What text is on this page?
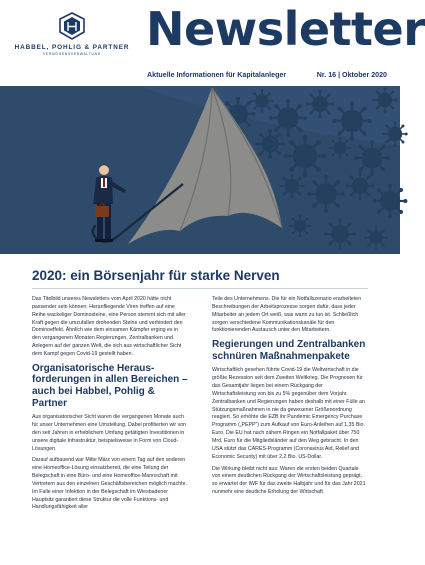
HABBEL, POHLIG & PARTNER
VERMÖGENSVERWALTUNG Newsletter
Aktuelle Informationen für Kapitalanleger	Nr. 16 | Oktober 2020
2020: ein Börsenjahr für starke Nerven

Das Titelbild unseres Newsletters vom April 2020 hätte nicht passender sein können: Heranfliegende Viren treffen auf eine Reihe wackeliger Dominosteine, eine Person stemmt sich mit aller Kraft gegen die umzufallen drohenden Steine und verhindert den Dominoeffekt. Ähnlich wie dem einsamen Kämpfer erging es in den vergangenen Monaten Regierungen, Zentralbanken und Anlegern auf der ganzen Welt, die sich aus wirtschaftlicher Sicht dem Kampf gegen Covid-19 gestellt haben.

Organisatorische Herausforderungen in allen Bereichen – auch bei Habbel, Pohlig & Partner

Aus organisatorischer Sicht waren die vergangenen Monate auch für unser Unternehmen eine Umstellung. Dabei profitierten wir von den seit Jahren in erheblichem Umfang getätigten Investitionen in unsere digitale Infrastruktur, beispielsweise in Form von Cloud-Lösungen.

Darauf aufbauend war Mitte März von einem Tag auf den anderen eine Homeoffice-Lösung einsatzbereit, die eine Teilung der Belegschaft in eine Büro- und eine Homeoffice-Mannschaft mit Vertretern aus den einzelnen Geschäftsbereichen möglich machte. Im Falle einer Infektion in der Belegschaft im Wiesbadener Hauptsitz garantiert diese Struktur die volle Funktions- und Handlungsfähigkeit aller

Teile des Unternehmens. Die für ein Notfallszenario erarbeiteten Beschreibungen der Arbeitsprozesse sorgen dafür, dass jeder Mitarbeiter an jedem Ort weiß, was wann zu tun ist. Schließlich sorgen verschiedene Kommunikationskanäle für den funktionierenden Austausch unter den Mitarbeitern.

Regierungen und Zentralbanken schnüren Maßnahmenpakete

Wirtschaftlich gesehen führte Covid-19 die Weltwirtschaft in die größte Rezession seit dem Zweiten Weltkrieg. Die Prognosen für das Gesamtjahr liegen bei einem Rückgang der Wirtschaftsleistung von bis zu 5% gegenüber dem Vorjahr. Zentralbanken und Regierungen haben deshalb mit einer Fülle an Stützungsmaßnahmen in nie da gewesener Größenordnung reagiert. So erhöhte die EZB ihr Pandemic Emergency Purchase Programm („PEPP“) zum Aufkauf von Euro-Anleihen auf 1,35 Bio. Euro. Die EU hat nach zähem Ringen ein Notfallpaket über 750 Mrd. Euro für die Mitgliedsländer auf den Weg gebracht. In den USA stützt das CARES-Programm (Coronavirus Aid, Relief and Economic Security) mit über 2,2 Bio. US-Dollar.

Die Wirkung bleibt nicht aus: Waren die ersten beiden Quartale von einem deutlichen Rückgang der Wirtschaftsleistung geprägt, so erwartet der IWF für das zweite Halbjahr und für das Jahr 2021 nunmehr eine deutliche Erholung der Wirtschaft.
